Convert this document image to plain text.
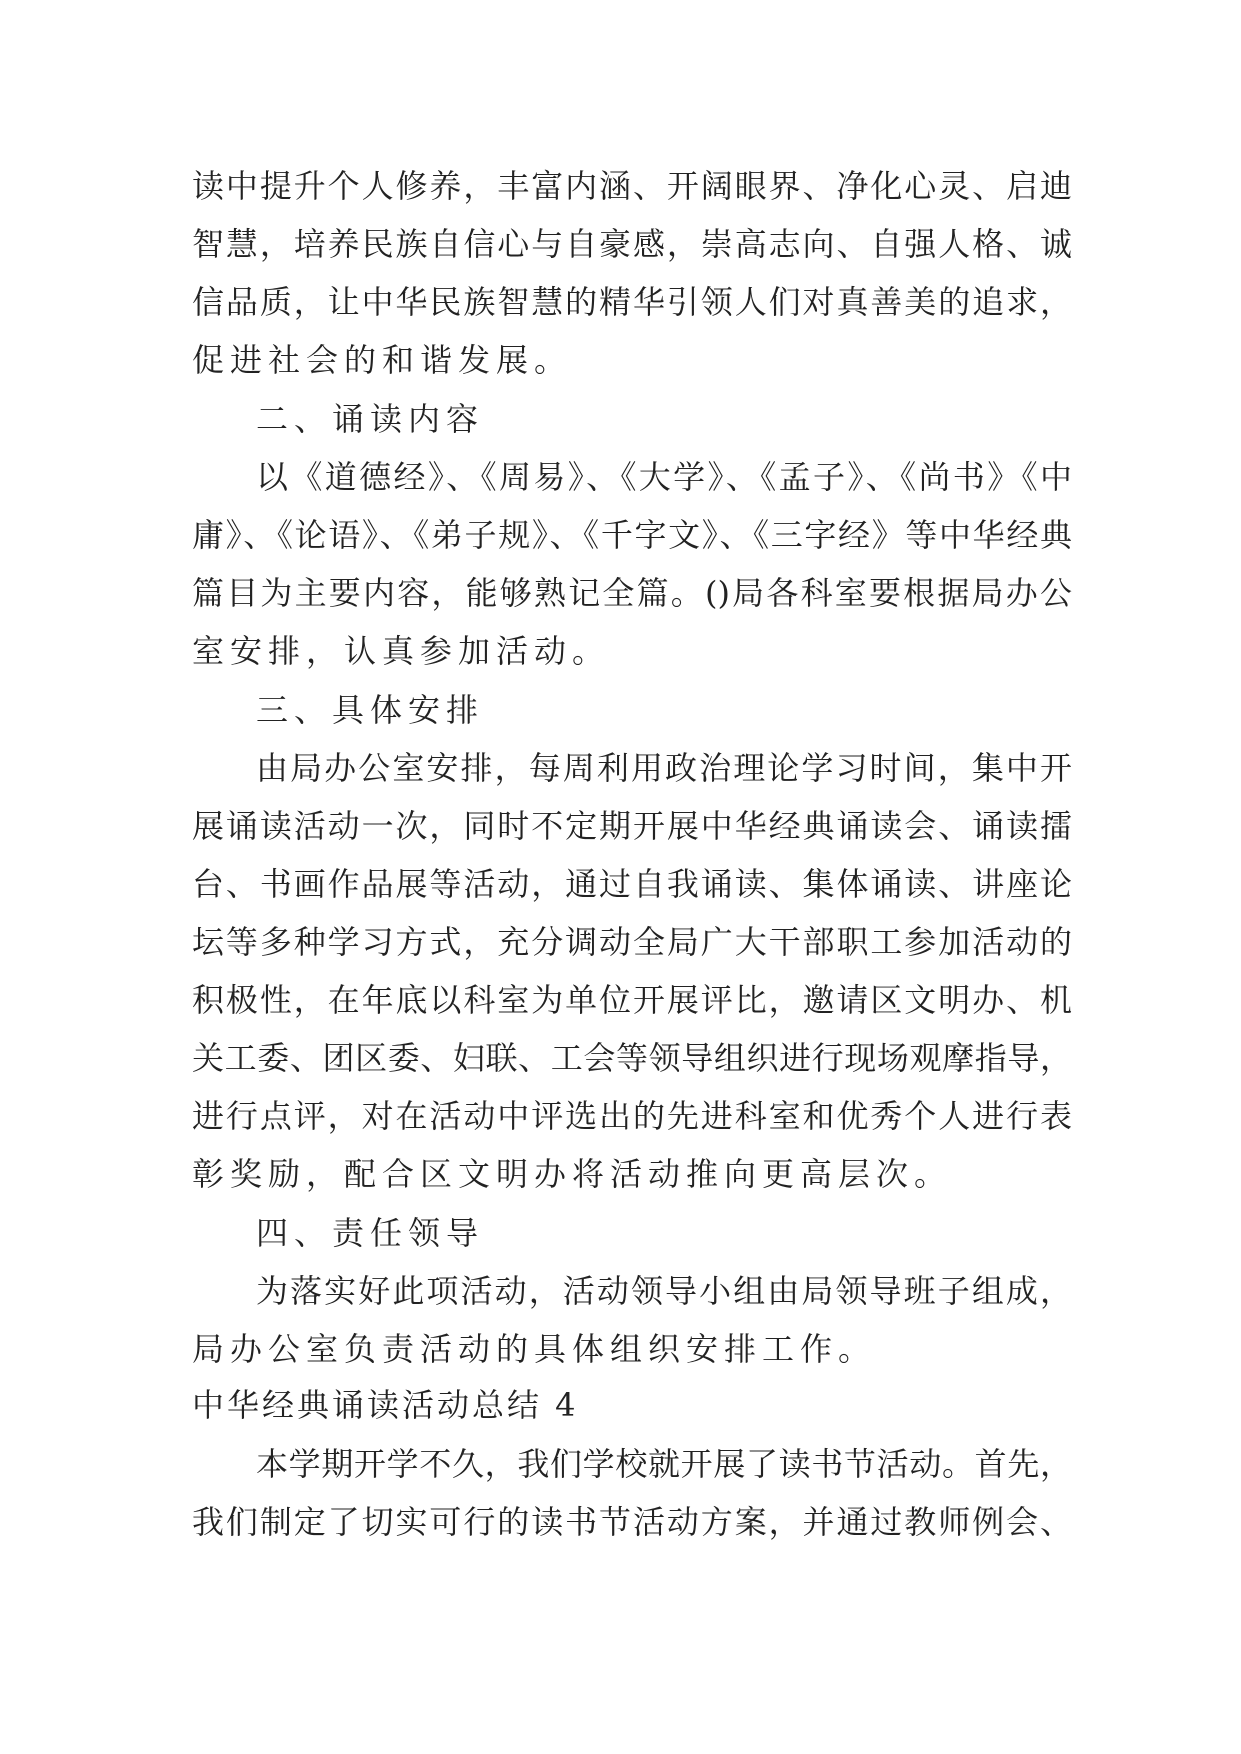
读中提升个人修养，丰富内涵、开阔眼界、净化心灵、启迪
智慧，培养民族自信心与自豪感，崇高志向、自强人格、诚
信品质，让中华民族智慧的精华引领人们对真善美的追求，
促进社会的和谐发展。
二、诵读内容
以《道德经》、《周易》、《大学》、《孟子》、《尚书》《中
庸》、《论语》、《弟子规》、《千字文》、《三字经》等中华经典
篇目为主要内容，能够熟记全篇。()局各科室要根据局办公
室安排，认真参加活动。
三、具体安排
由局办公室安排，每周利用政治理论学习时间，集中开
展诵读活动一次，同时不定期开展中华经典诵读会、诵读擂
台、书画作品展等活动，通过自我诵读、集体诵读、讲座论
坛等多种学习方式，充分调动全局广大干部职工参加活动的
积极性，在年底以科室为单位开展评比，邀请区文明办、机
关工委、团区委、妇联、工会等领导组织进行现场观摩指导，
进行点评，对在活动中评选出的先进科室和优秀个人进行表
彰奖励，配合区文明办将活动推向更高层次。
四、责任领导
为落实好此项活动，活动领导小组由局领导班子组成，
局办公室负责活动的具体组织安排工作。
中华经典诵读活动总结 4
本学期开学不久，我们学校就开展了读书节活动。首先，
我们制定了切实可行的读书节活动方案，并通过教师例会、
